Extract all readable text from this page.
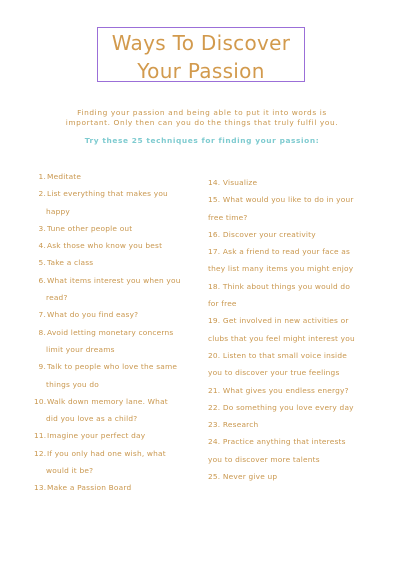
Ways To Discover
Your Passion
Finding your passion and being able to put it into words is
important. Only then can you do the things that truly fulfil you.
Try these 25 techniques for finding your passion:
1. Meditate
2. List everything that makes you
happy
3. Tune other people out
4. Ask those who know you best
5. Take a class
6. What items interest you when you
read?
7. What do you find easy?
8. Avoid letting monetary concerns
limit your dreams
9. Talk to people who love the same
things you do
10. Walk down memory lane. What
did you love as a child?
11. Imagine your perfect day
12. If you only had one wish, what
would it be?
13. Make a Passion Board
14. Visualize
15. What would you like to do in your
free time?
16. Discover your creativity
17. Ask a friend to read your face as
they list many items you might enjoy
18. Think about things you would do
for free
19. Get involved in new activities or
clubs that you feel might interest you
20. Listen to that small voice inside
you to discover your true feelings
21. What gives you endless energy?
22. Do something you love every day
23. Research
24. Practice anything that interests
you to discover more talents
25. Never give up
